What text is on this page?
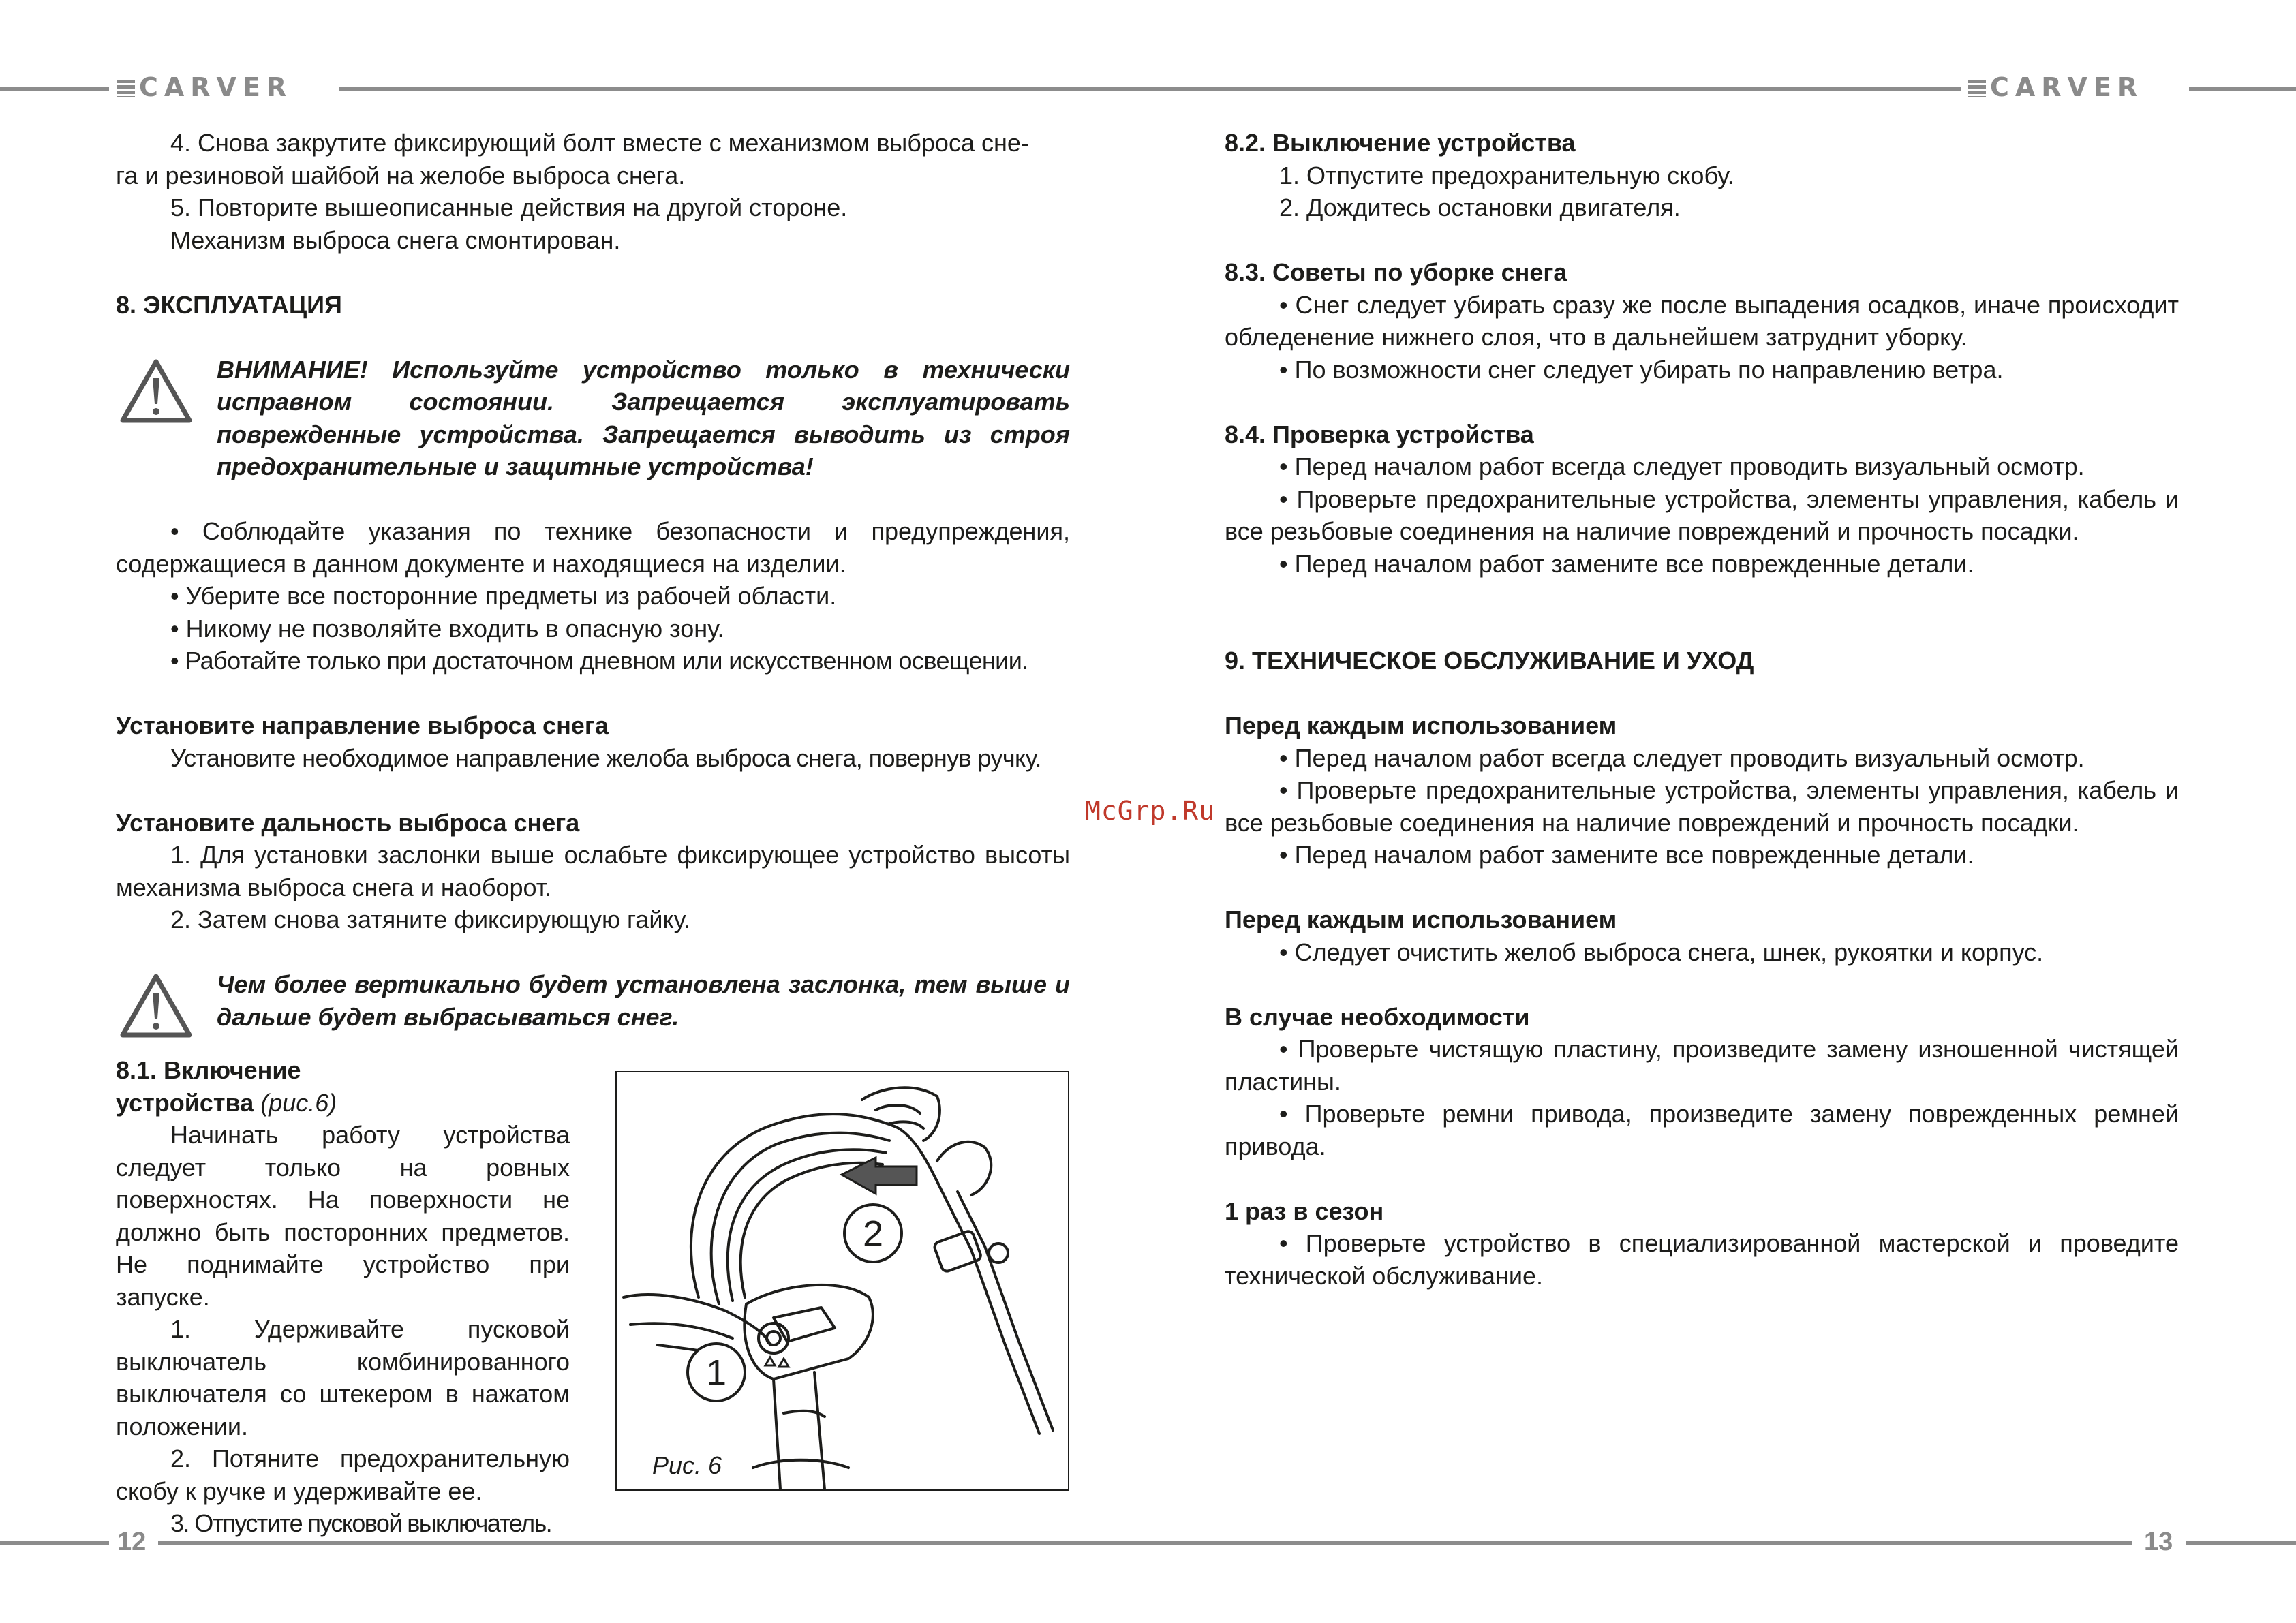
CARVER	CARVER
12	13
McGrp.Ru

4. Снова закрутите фиксирующий болт вместе с механизмом выброса сне-

га и резиновой шайбой на желобе выброса снега.

5. Повторите вышеописанные действия на другой стороне.

Механизм выброса снега смонтирован.

8. ЭКСПЛУАТАЦИЯ

ВНИМАНИЕ! Используйте устройство только в технически исправном состоянии. Запрещается эксплуатировать поврежденные устройства. Запрещается выводить из строя предохранительные и защитные устройства!

• Соблюдайте указания по технике безопасности и предупреждения, содержащиеся в данном документе и находящиеся на изделии.

• Уберите все посторонние предметы из рабочей области.

• Никому не позволяйте входить в опасную зону.

• Работайте только при достаточном дневном или искусственном освещении.

Установите направление выброса снега

Установите необходимое направление желоба выброса снега, повернув ручку.

Установите дальность выброса снега

1. Для установки заслонки выше ослабьте фиксирующее устройство высоты механизма выброса снега и наоборот.

2. Затем снова затяните фиксирующую гайку.

Чем более вертикально будет установлена заслонка, тем выше и дальше будет выбрасываться снег.

8.1. Включение

устройства (рис.6)

Начинать работу устройства следует только на ровных поверхностях. На поверхности не должно быть посторонних предметов. Не поднимайте устройство при запуске.

1. Удерживайте пусковой выключатель комбинированного выключателя со штекером в нажатом положении.

2. Потяните предохранительную скобу к ручке и удерживайте ее.

3. Отпустите пусковой выключатель.

1
2
Рис. 6

8.2. Выключение устройства

1. Отпустите предохранительную скобу.

2. Дождитесь остановки двигателя.

8.3. Советы по уборке снега

• Снег следует убирать сразу же после выпадения осадков, иначе происходит обледенение нижнего слоя, что в дальнейшем затруднит уборку.

• По возможности снег следует убирать по направлению ветра.

8.4. Проверка устройства

• Перед началом работ всегда следует проводить визуальный осмотр.

• Проверьте предохранительные устройства, элементы управления, кабель и все резьбовые соединения на наличие повреждений и прочность посадки.

• Перед началом работ замените все поврежденные детали.

9. ТЕХНИЧЕСКОЕ ОБСЛУЖИВАНИЕ И УХОД

Перед каждым использованием

• Перед началом работ всегда следует проводить визуальный осмотр.

• Проверьте предохранительные устройства, элементы управления, кабель и все резьбовые соединения на наличие повреждений и прочность посадки.

• Перед началом работ замените все поврежденные детали.

Перед каждым использованием

• Следует очистить желоб выброса снега, шнек, рукоятки и корпус.

В случае необходимости

• Проверьте чистящую пластину, произведите замену изношенной чистящей пластины.

• Проверьте ремни привода, произведите замену поврежденных ремней привода.

1 раз в сезон

• Проверьте устройство в специализированной мастерской и проведите технической обслуживание.
